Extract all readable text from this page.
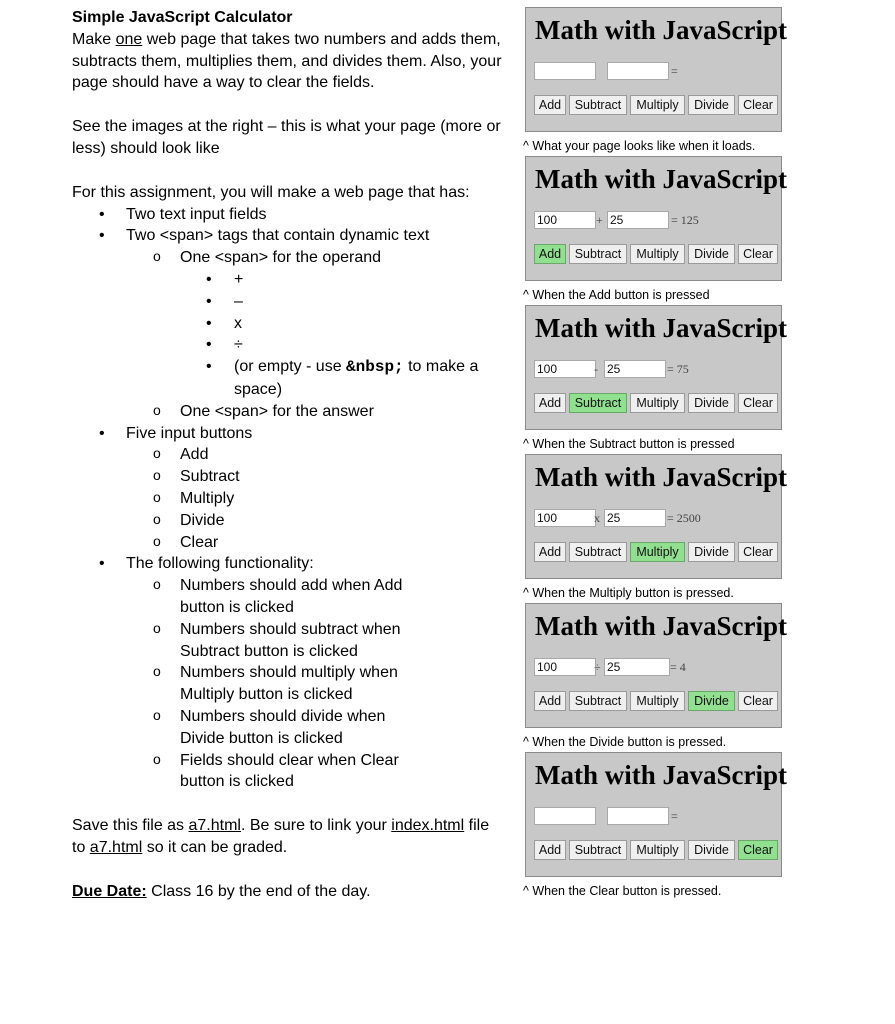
Simple JavaScript Calculator

Make one web page that takes two numbers and adds them, subtracts them, multiplies them, and divides them. Also, your page should have a way to clear the fields.

See the images at the right – this is what your page (more or less) should look like

For this assignment, you will make a web page that has:

• Two text input fields
• Two <span> tags that contain dynamic text
o One <span> for the operand
• +
• –
• x
• ÷
• (or empty - use &nbsp; to make a space)
o One <span> for the answer
• Five input buttons
o Add
o Subtract
o Multiply
o Divide
o Clear
• The following functionality:
o Numbers should add when Add button is clicked
o Numbers should subtract when Subtract button is clicked
o Numbers should multiply when Multiply button is clicked
o Numbers should divide when Divide button is clicked
o Fields should clear when Clear button is clicked

Save this file as a7.html. Be sure to link your index.html file to a7.html so it can be graded.

Due Date: Class 16 by the end of the day.

Math with JavaScript

=
Add	Subtract	Multiply	Divide	Clear
^ What your page looks like when it loads.

Math with JavaScript

100	+ 25	= 125
Add	Subtract	Multiply	Divide	Clear
^ When the Add button is pressed

Math with JavaScript

100	- 25	= 75
Add	Subtract	Multiply	Divide	Clear
^ When the Subtract button is pressed

Math with JavaScript

100	x 25	= 2500
Add	Subtract	Multiply	Divide	Clear
^ When the Multiply button is pressed.

Math with JavaScript

100	÷ 25	= 4
Add	Subtract	Multiply	Divide	Clear
^ When the Divide button is pressed.

Math with JavaScript

=
Add	Subtract	Multiply	Divide	Clear
^ When the Clear button is pressed.
